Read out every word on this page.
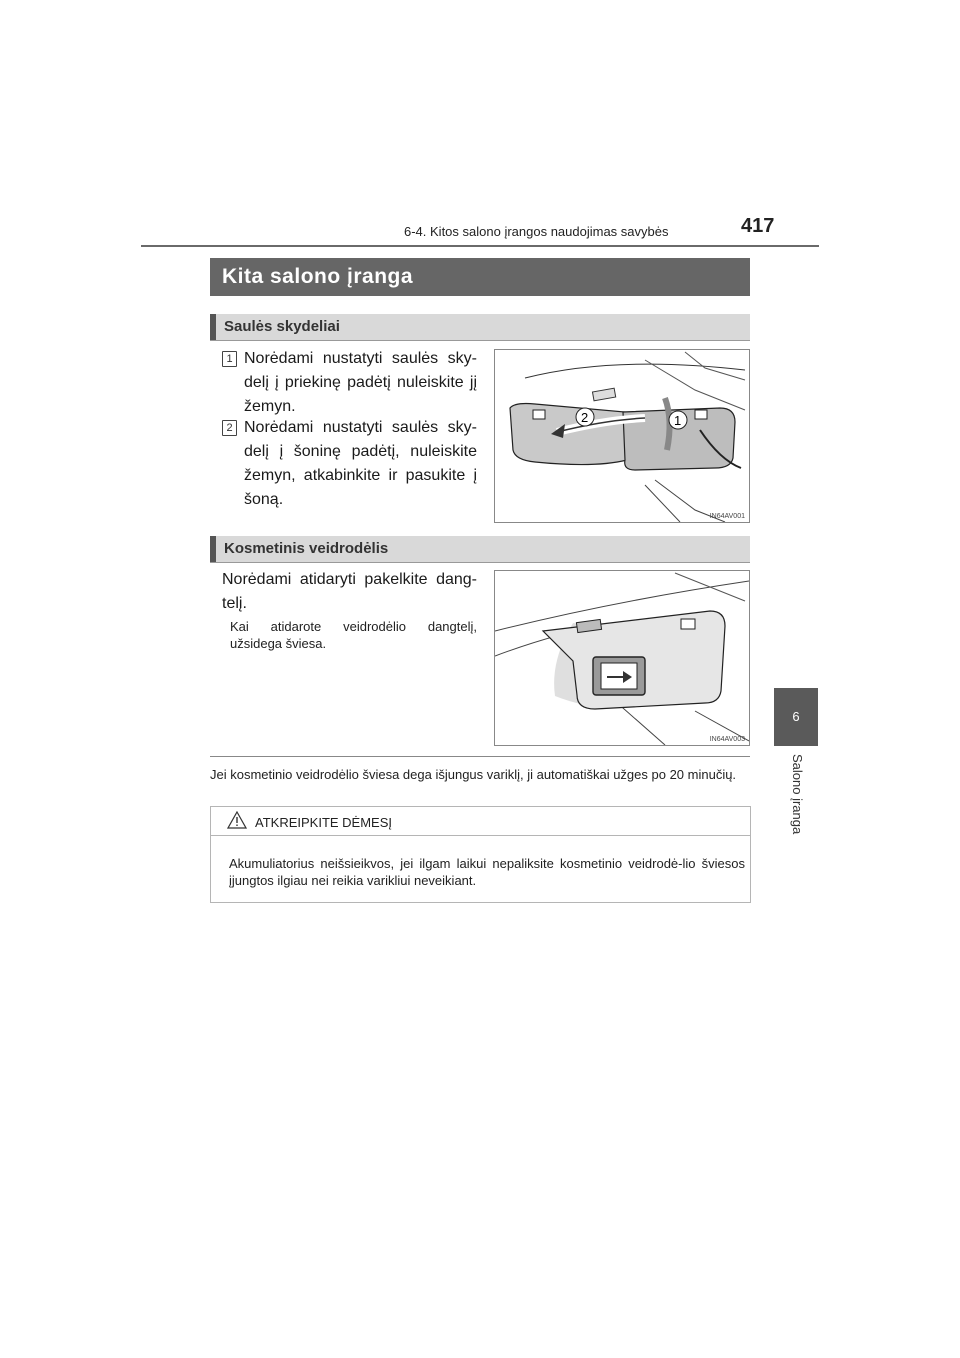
6-4. Kitos salono įrangos naudojimas savybės	417
6
Salono įranga
Kita salono įranga
Saulės skydeliai
1 Norėdami nustatyti saulės sky-delį į priekinę padėtį nuleiskite jį žemyn.
2 Norėdami nustatyti saulės sky-delį į šoninę padėtį, nuleiskite žemyn, atkabinkite ir pasukite į šoną.
2	1
IN64AV001
Kosmetinis veidrodėlis
Norėdami atidaryti pakelkite dang-telį.
Kai atidarote veidrodėlio dangtelį, užsidega šviesa.
IN64AV003
Jei kosmetinio veidrodėlio šviesa dega išjungus variklį, ji automatiškai užges po 20 minučių.
ATKREIPKITE DĖMESĮ
Akumuliatorius neišsieikvos, jei ilgam laikui nepaliksite kosmetinio veidrodė-lio šviesos įjungtos ilgiau nei reikia varikliui neveikiant.
